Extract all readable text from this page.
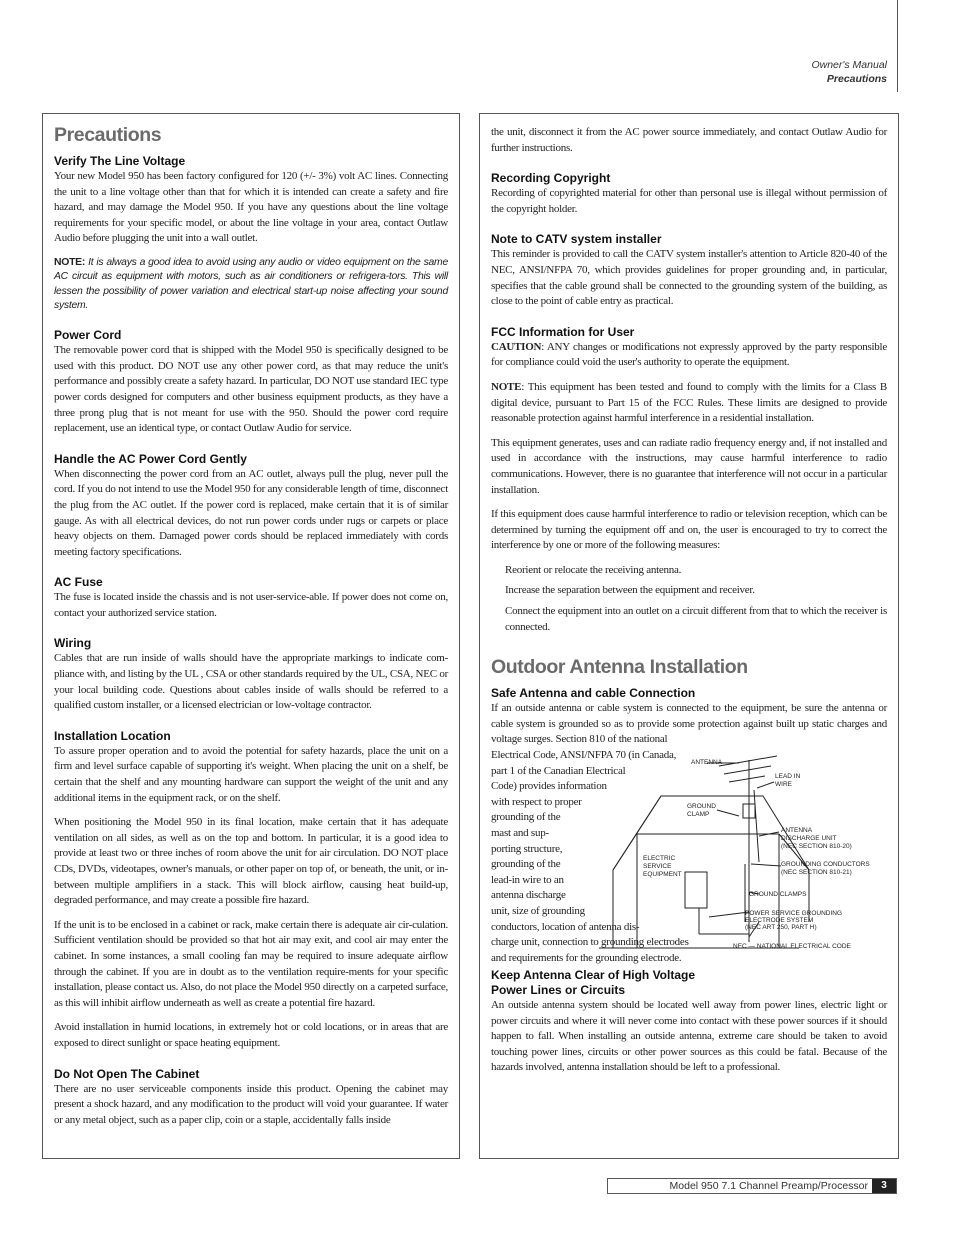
Owner's Manual
Precautions
Precautions
Verify The Line Voltage

Your new Model 950 has been factory configured for 120 (+/- 3%) volt AC lines. Connecting the unit to a line voltage other than that for which it is intended can create a safety and fire hazard, and may damage the Model 950. If you have any questions about the line voltage requirements for your specific model, or about the line voltage in your area, contact Outlaw Audio before plugging the unit into a wall outlet.

NOTE: It is always a good idea to avoid using any audio or video equipment on the same AC circuit as equipment with motors, such as air conditioners or refrigera-tors. This will lessen the possibility of power variation and electrical start-up noise affecting your sound system.

Power Cord

The removable power cord that is shipped with the Model 950 is specifically designed to be used with this product. DO NOT use any other power cord, as that may reduce the unit's performance and possibly create a safety hazard. In particular, DO NOT use standard IEC type power cords designed for computers and other business equipment products, as they have a three prong plug that is not meant for use with the 950. Should the power cord require replacement, use an identical type, or contact Outlaw Audio for service.

Handle the AC Power Cord Gently

When disconnecting the power cord from an AC outlet, always pull the plug, never pull the cord. If you do not intend to use the Model 950 for any considerable length of time, disconnect the plug from the AC outlet. If the power cord is replaced, make certain that it is of similar gauge. As with all electrical devices, do not run power cords under rugs or carpets or place heavy objects on them. Damaged power cords should be replaced immediately with cords meeting factory specifications.

AC Fuse

The fuse is located inside the chassis and is not user-service-able. If power does not come on, contact your authorized service station.

Wiring

Cables that are run inside of walls should have the appropriate markings to indicate com-pliance with, and listing by the UL , CSA or other standards required by the UL, CSA, NEC or your local building code. Questions about cables inside of walls should be referred to a qualified custom installer, or a licensed electrician or low-voltage contractor.

Installation Location

To assure proper operation and to avoid the potential for safety hazards, place the unit on a firm and level surface capable of supporting it's weight. When placing the unit on a shelf, be certain that the shelf and any mounting hardware can support the weight of the unit and any additional items in the equipment rack, or on the shelf.

When positioning the Model 950 in its final location, make certain that it has adequate ventilation on all sides, as well as on the top and bottom. In particular, it is a good idea to provide at least two or three inches of room above the unit for air circulation. DO NOT place CDs, DVDs, videotapes, owner's manuals, or other paper on top of, or beneath, the unit, or in-between multiple amplifiers in a stack. This will block airflow, causing heat build-up, degraded performance, and may create a possible fire hazard.

If the unit is to be enclosed in a cabinet or rack, make certain there is adequate air cir-culation. Sufficient ventilation should be provided so that hot air may exit, and cool air may enter the cabinet. In some instances, a small cooling fan may be required to insure adequate airflow through the cabinet. If you are in doubt as to the ventilation require-ments for your specific installation, please contact us. Also, do not place the Model 950 directly on a carpeted surface, as this will inhibit airflow underneath as well as create a potential fire hazard.

Avoid installation in humid locations, in extremely hot or cold locations, or in areas that are exposed to direct sunlight or space heating equipment.

Do Not Open The Cabinet

There are no user serviceable components inside this product. Opening the cabinet may present a shock hazard, and any modification to the product will void your guarantee. If water or any metal object, such as a paper clip, coin or a staple, accidentally falls inside

the unit, disconnect it from the AC power source immediately, and contact Outlaw Audio for further instructions.

Recording Copyright

Recording of copyrighted material for other than personal use is illegal without permission of the copyright holder.

Note to CATV system installer

This reminder is provided to call the CATV system installer's attention to Article 820-40 of the NEC, ANSI/NFPA 70, which provides guidelines for proper grounding and, in particular, specifies that the cable ground shall be connected to the grounding system of the building, as close to the point of cable entry as practical.

FCC Information for User

CAUTION: ANY changes or modifications not expressly approved by the party responsible for compliance could void the user's authority to operate the equipment.

NOTE: This equipment has been tested and found to comply with the limits for a Class B digital device, pursuant to Part 15 of the FCC Rules. These limits are designed to provide reasonable protection against harmful interference in a residential installation.

This equipment generates, uses and can radiate radio frequency energy and, if not installed and used in accordance with the instructions, may cause harmful interference to radio communications. However, there is no guarantee that interference will not occur in a particular installation.

If this equipment does cause harmful interference to radio or television reception, which can be determined by turning the equipment off and on, the user is encouraged to try to correct the interference by one or more of the following measures:

Reorient or relocate the receiving antenna.

Increase the separation between the equipment and receiver.

Connect the equipment into an outlet on a circuit different from that to which the receiver is connected.

Outdoor Antenna Installation
Safe Antenna and cable Connection

If an outside antenna or cable system is connected to the equipment, be sure the antenna or cable system is grounded so as to provide some protection against built up static charges and voltage surges. Section 810 of the national

Electrical Code, ANSI/NFPA 70 (in Canada,
part 1 of the Canadian Electrical
Code) provides information
with respect to proper
grounding of the
mast and sup-
porting structure,
grounding of the
lead-in wire to an
antenna discharge
unit, size of grounding
conductors, location of antenna dis-
charge unit, connection to grounding electrodes
and requirements for the grounding electrode.
ANTENNA
LEAD IN
WIRE
GROUND
CLAMP
ANTENNA
DISCHARGE UNIT
(NEC SECTION 810-20)
ELECTRIC
SERVICE
EQUIPMENT
GROUNDING CONDUCTORS
(NEC SECTION 810-21)
GROUND CLAMPS
POWER SERVICE GROUNDING
ELECTRODE SYSTEM
(NEC ART 250, PART H)
NEC — NATIONAL ELECTRICAL CODE
Keep Antenna Clear of High Voltage
Power Lines or Circuits

An outside antenna system should be located well away from power lines, electric light or power circuits and where it will never come into contact with these power sources if it should happen to fall. When installing an outside antenna, extreme care should be taken to avoid touching power lines, circuits or other power sources as this could be fatal. Because of the hazards involved, antenna installation should be left to a professional.

Model 950 7.1 Channel Preamp/Processor	3
